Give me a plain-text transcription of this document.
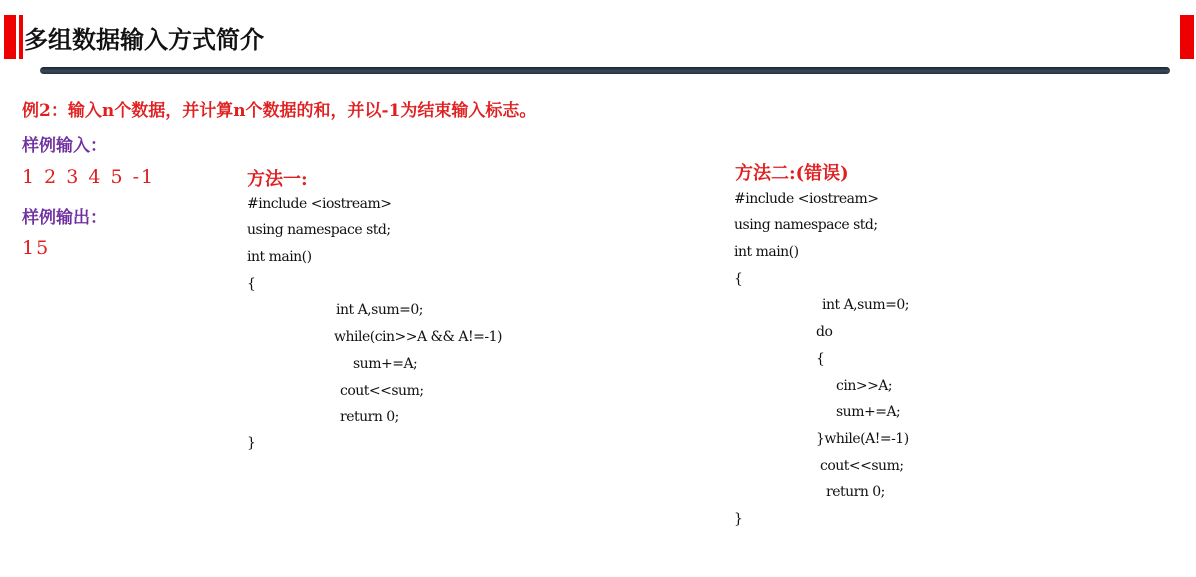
多组数据输入方式简介
例2：输入n个数据，并计算n个数据的和，并以-1为结束输入标志。
样例输入：
1 2 3 4 5 -1
样例输出：
15
方法一:
#include <iostream>
using namespace std;
int main()
{
int A,sum=0;
while(cin>>A && A!=-1)
sum+=A;
cout<<sum;
return 0;
}
方法二:(错误)
#include <iostream>
using namespace std;
int main()
{
int A,sum=0;
do
{
cin>>A;
sum+=A;
}while(A!=-1)
cout<<sum;
return 0;
}
